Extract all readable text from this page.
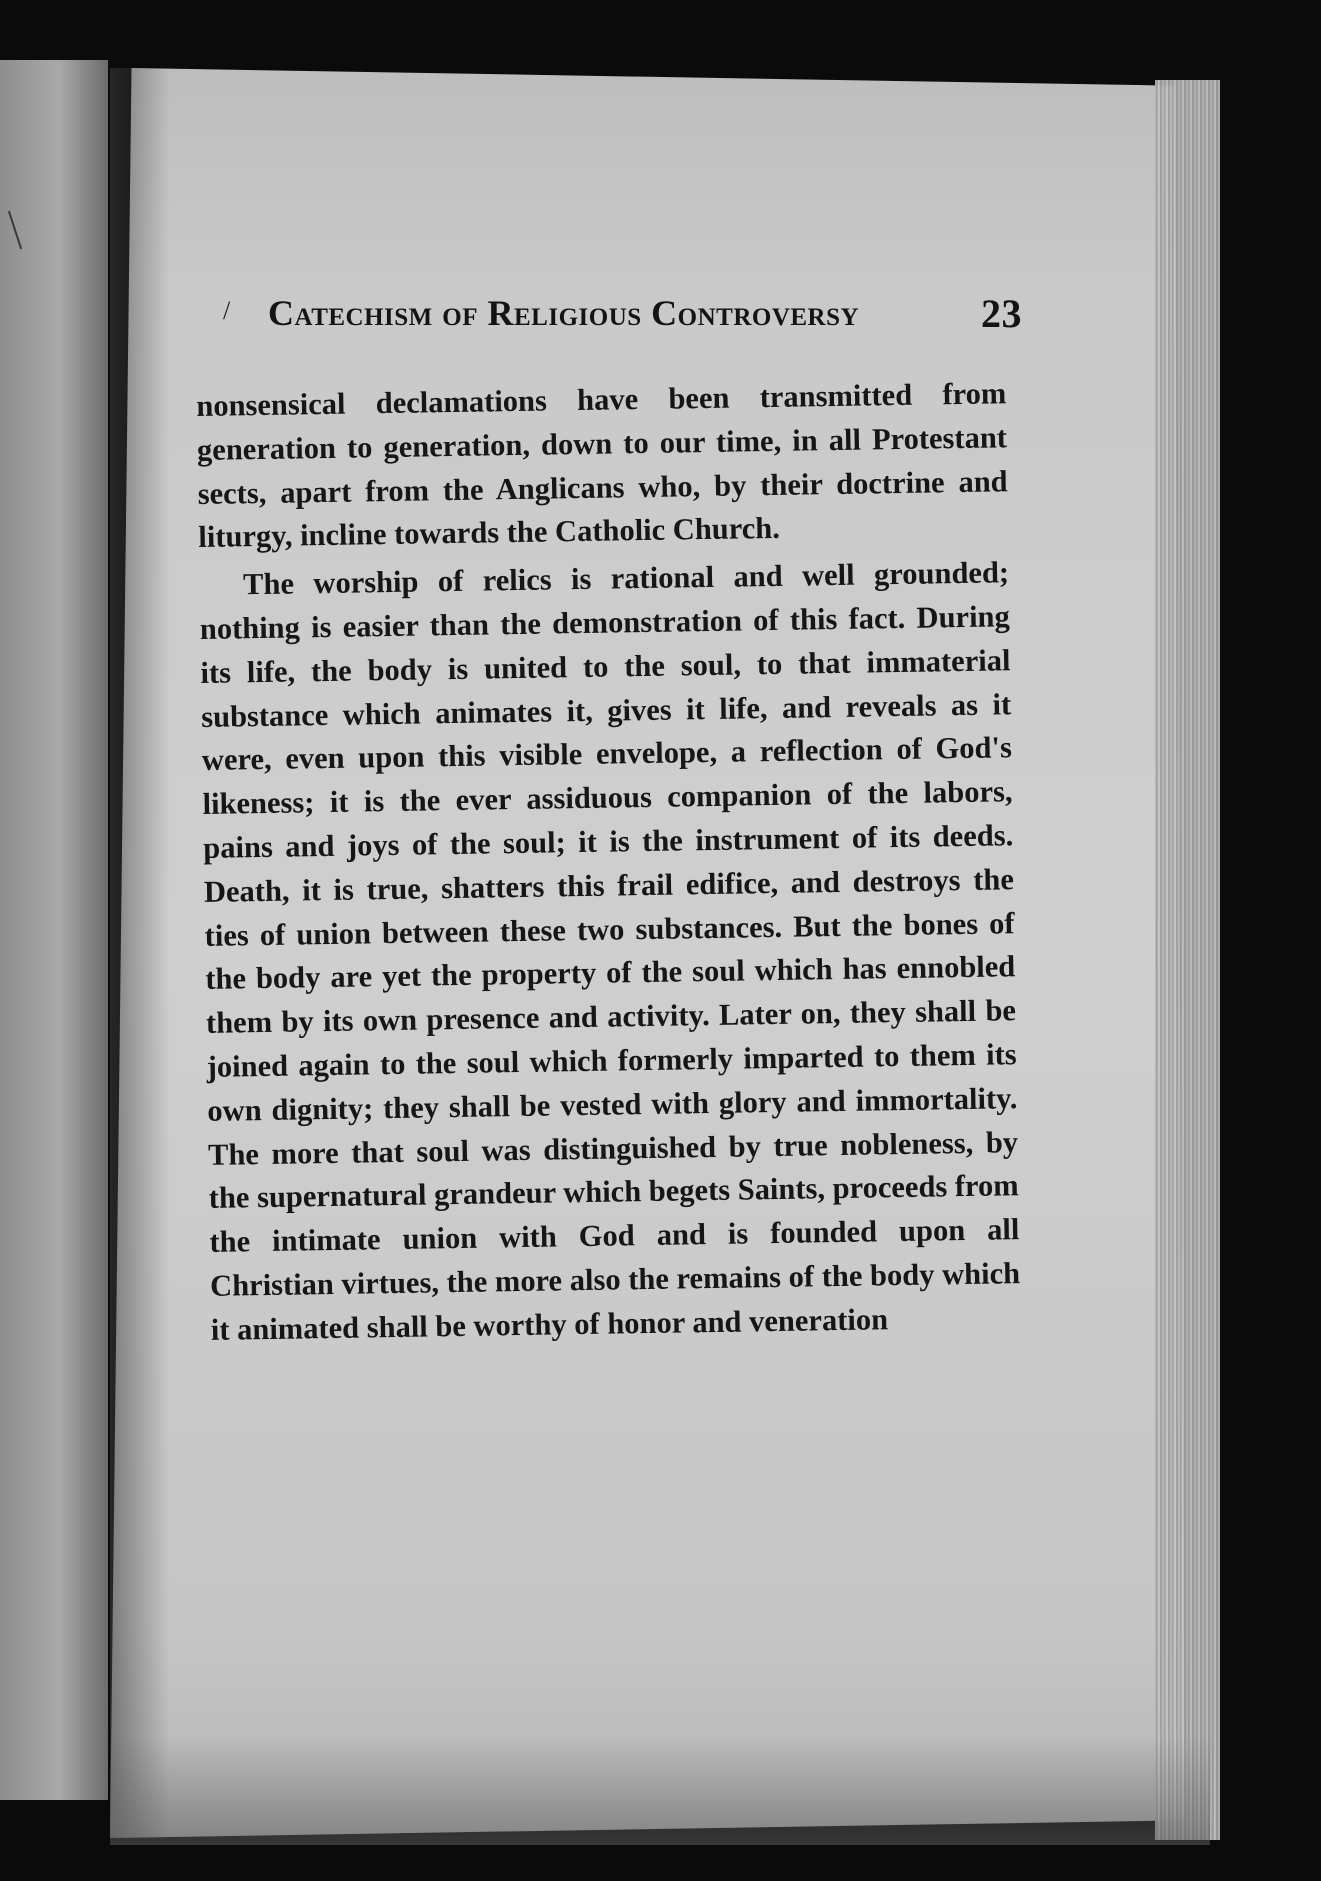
/ Catechism of Religious Controversy	23

nonsensical declamations have been transmitted from generation to generation, down to our time, in all Protestant sects, apart from the Anglicans who, by their doctrine and liturgy, incline towards the Catholic Church.

The worship of relics is rational and well grounded; nothing is easier than the demonstration of this fact. During its life, the body is united to the soul, to that immaterial substance which animates it, gives it life, and reveals as it were, even upon this visible envelope, a reflection of God's likeness; it is the ever assiduous companion of the labors, pains and joys of the soul; it is the instrument of its deeds. Death, it is true, shatters this frail edifice, and destroys the ties of union between these two substances. But the bones of the body are yet the property of the soul which has ennobled them by its own presence and activity. Later on, they shall be joined again to the soul which formerly imparted to them its own dignity; they shall be vested with glory and immortality. The more that soul was distinguished by true nobleness, by the supernatural grandeur which begets Saints, proceeds from the intimate union with God and is founded upon all Christian virtues, the more also the remains of the body which it animated shall be worthy of honor and veneration
